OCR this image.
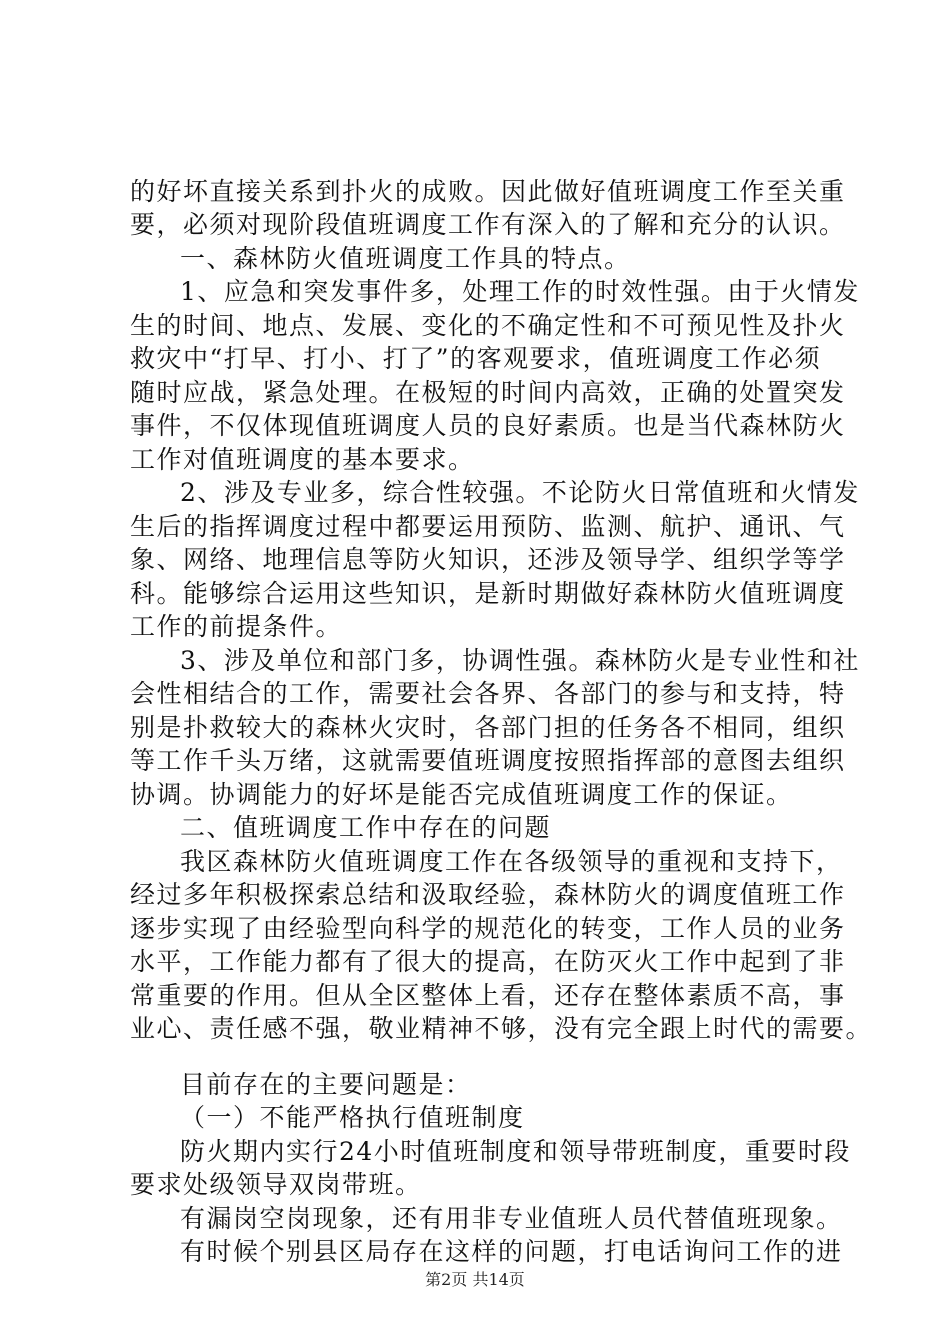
的好坏直接关系到扑火的成败。因此做好值班调度工作至关重
要，必须对现阶段值班调度工作有深入的了解和充分的认识。
一、森林防火值班调度工作具的特点。
1、应急和突发事件多，处理工作的时效性强。由于火情发
生的时间、地点、发展、变化的不确定性和不可预见性及扑火
救灾中“打早、打小、打了”的客观要求，值班调度工作必须
随时应战，紧急处理。在极短的时间内高效，正确的处置突发
事件，不仅体现值班调度人员的良好素质。也是当代森林防火
工作对值班调度的基本要求。
2、涉及专业多，综合性较强。不论防火日常值班和火情发
生后的指挥调度过程中都要运用预防、监测、航护、通讯、气
象、网络、地理信息等防火知识，还涉及领导学、组织学等学
科。能够综合运用这些知识，是新时期做好森林防火值班调度
工作的前提条件。
3、涉及单位和部门多，协调性强。森林防火是专业性和社
会性相结合的工作，需要社会各界、各部门的参与和支持，特
别是扑救较大的森林火灾时，各部门担的任务各不相同，组织
等工作千头万绪，这就需要值班调度按照指挥部的意图去组织
协调。协调能力的好坏是能否完成值班调度工作的保证。
二、值班调度工作中存在的问题
我区森林防火值班调度工作在各级领导的重视和支持下，
经过多年积极探索总结和汲取经验，森林防火的调度值班工作
逐步实现了由经验型向科学的规范化的转变，工作人员的业务
水平，工作能力都有了很大的提高，在防灭火工作中起到了非
常重要的作用。但从全区整体上看，还存在整体素质不高，事
业心、责任感不强，敬业精神不够，没有完全跟上时代的需要。
目前存在的主要问题是：
（一）不能严格执行值班制度
防火期内实行24小时值班制度和领导带班制度，重要时段
要求处级领导双岗带班。
有漏岗空岗现象，还有用非专业值班人员代替值班现象。
有时候个别县区局存在这样的问题，打电话询问工作的进
第2页 共14页
